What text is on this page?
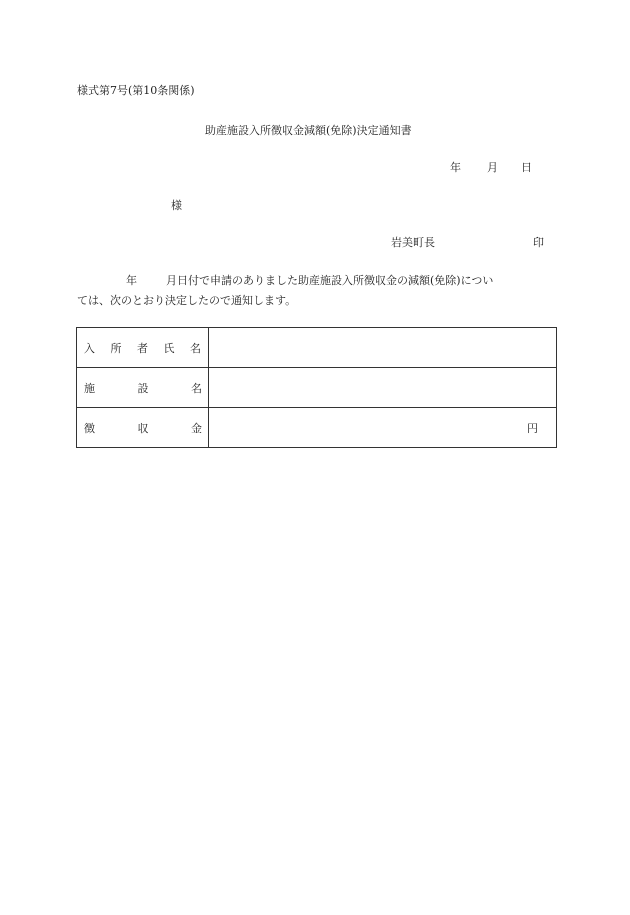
様式第7号(第10条関係)
助産施設入所徴収金減額(免除)決定通知書
年 月 日
様
岩美町長	印
年	月日付で申請のありました助産施設入所徴収金の減額(免除)につい
ては、次のとおり決定したので通知します。
入 所 者 氏 名	

施 設 名	

徴 収 金	円
